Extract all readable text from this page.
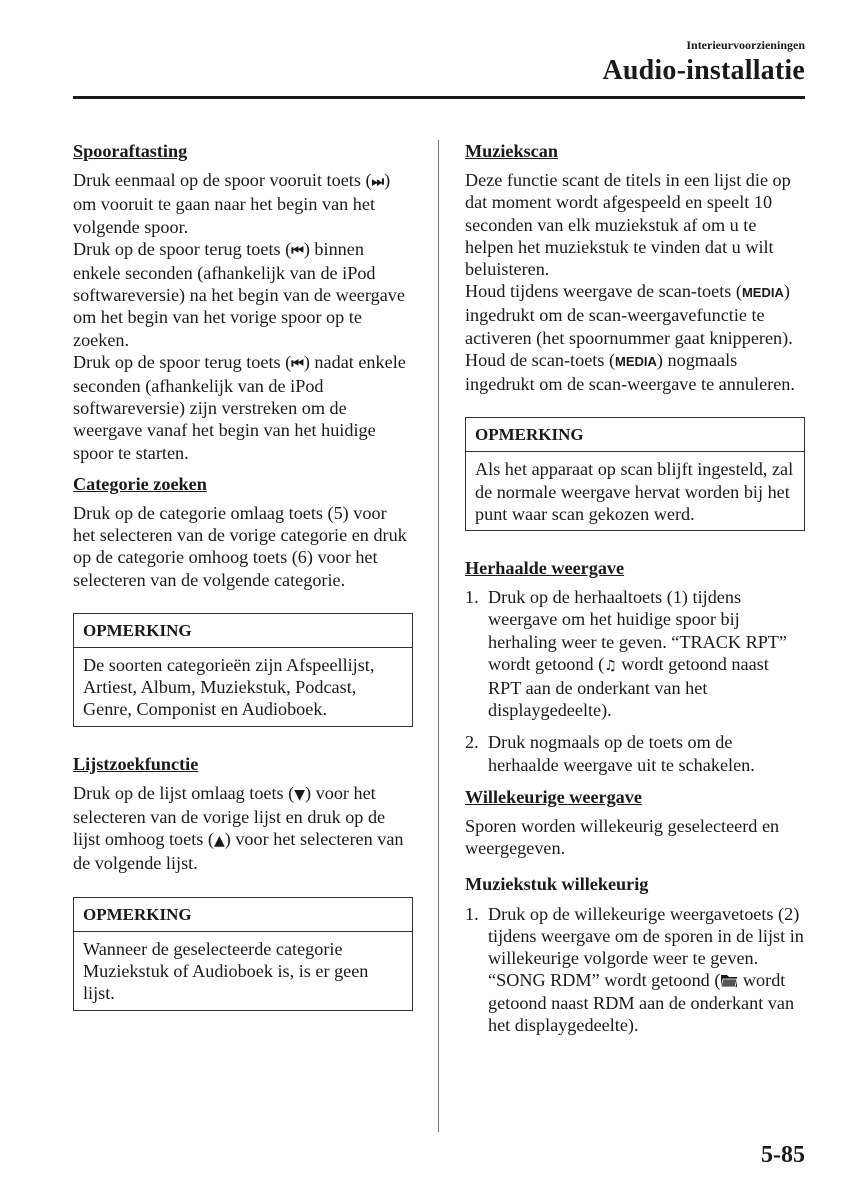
Interieurvoorzieningen
Audio-installatie
Spooraftasting

Druk eenmaal op de spoor vooruit toets (⏭) om vooruit te gaan naar het begin van het volgende spoor.

Druk op de spoor terug toets (⏮) binnen enkele seconden (afhankelijk van de iPod softwareversie) na het begin van de weergave om het begin van het vorige spoor op te zoeken.

Druk op de spoor terug toets (⏮) nadat enkele seconden (afhankelijk van de iPod softwareversie) zijn verstreken om de weergave vanaf het begin van het huidige spoor te starten.

Categorie zoeken

Druk op de categorie omlaag toets (5) voor het selecteren van de vorige categorie en druk op de categorie omhoog toets (6) voor het selecteren van de volgende categorie.

OPMERKING
De soorten categorieën zijn Afspeellijst, Artiest, Album, Muziekstuk, Podcast, Genre, Componist en Audioboek.
Lijstzoekfunctie

Druk op de lijst omlaag toets (▼) voor het selecteren van de vorige lijst en druk op de lijst omhoog toets (▲) voor het selecteren van de volgende lijst.

OPMERKING
Wanneer de geselecteerde categorie Muziekstuk of Audioboek is, is er geen lijst.
Muziekscan

Deze functie scant de titels in een lijst die op dat moment wordt afgespeeld en speelt 10 seconden van elk muziekstuk af om u te helpen het muziekstuk te vinden dat u wilt beluisteren.

Houd tijdens weergave de scan-toets (MEDIA) ingedrukt om de scan-weergavefunctie te activeren (het spoornummer gaat knipperen). Houd de scan-toets (MEDIA) nogmaals ingedrukt om de scan-weergave te annuleren.

OPMERKING
Als het apparaat op scan blijft ingesteld, zal de normale weergave hervat worden bij het punt waar scan gekozen werd.
Herhaalde weergave
1. Druk op de herhaaltoets (1) tijdens weergave om het huidige spoor bij herhaling weer te geven. “TRACK RPT” wordt getoond (♫ wordt getoond naast RPT aan de onderkant van het displaygedeelte).
2. Druk nogmaals op de toets om de herhaalde weergave uit te schakelen.
Willekeurige weergave

Sporen worden willekeurig geselecteerd en weergegeven.

Muziekstuk willekeurig
1. Druk op de willekeurige weergavetoets (2) tijdens weergave om de sporen in de lijst in willekeurige volgorde weer te geven. “SONG RDM” wordt getoond ( wordt getoond naast RDM aan de onderkant van het displaygedeelte).
5-85
